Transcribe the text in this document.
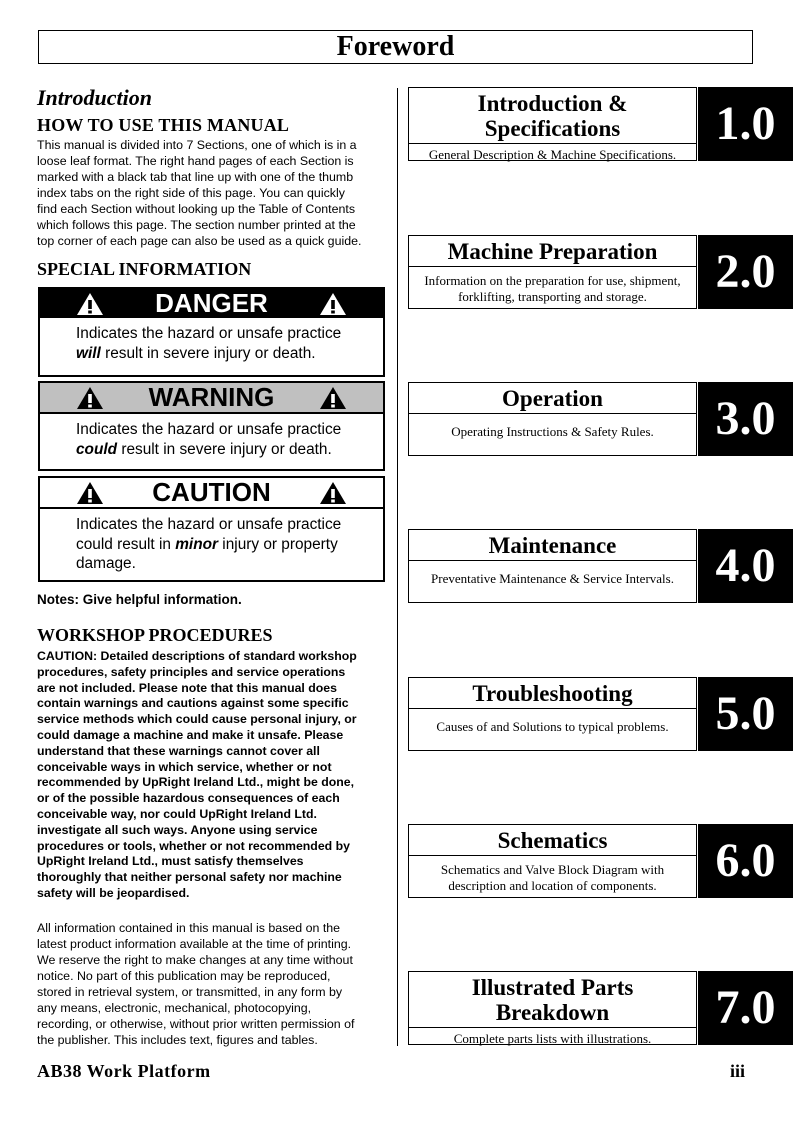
Foreword
Introduction
HOW TO USE THIS MANUAL
This manual is divided into 7 Sections, one of which is in a
loose leaf format. The right hand pages of each Section is
marked with a black tab that line up with one of the thumb
index tabs on the right side of this page. You can quickly
find each Section without looking up the Table of Contents
which follows this page. The section number printed at the
top corner of each page can also be used as a quick guide.
SPECIAL INFORMATION
DANGER
Indicates the hazard or unsafe practice
will result in severe injury or death.
WARNING
Indicates the hazard or unsafe practice
could result in severe injury or death.
CAUTION
Indicates the hazard or unsafe practice
could result in minor injury or property
damage.
Notes: Give helpful information.
WORKSHOP PROCEDURES
CAUTION: Detailed descriptions of standard workshop
procedures, safety principles and service operations
are not included. Please note that this manual does
contain warnings and cautions against some specific
service methods which could cause personal injury, or
could damage a machine and make it unsafe. Please
understand that these warnings cannot cover all
conceivable ways in which service, whether or not
recommended by UpRight Ireland Ltd., might be done,
or of the possible hazardous consequences of each
conceivable way, nor could UpRight Ireland Ltd.
investigate all such ways. Anyone using service
procedures or tools, whether or not recommended by
UpRight Ireland Ltd., must satisfy themselves
thoroughly that neither personal safety nor machine
safety will be jeopardised.
All information contained in this manual is based on the
latest product information available at the time of printing.
We reserve the right to make changes at any time without
notice. No part of this publication may be reproduced,
stored in retrieval system, or transmitted, in any form by
any means, electronic, mechanical, photocopying,
recording, or otherwise, without prior written permission of
the publisher. This includes text, figures and tables.
Introduction &
Specifications
General Description & Machine Specifications.
1.0
Machine Preparation
Information on the preparation for use, shipment,
forklifting, transporting and storage.	2.0
Operation
Operating Instructions & Safety Rules.	3.0
Maintenance
Preventative Maintenance & Service Intervals. 4.0
Troubleshooting
Causes of and Solutions to typical problems. 5.0
Schematics
Schematics and Valve Block Diagram with
description and location of components.	6.0
Illustrated Parts
Breakdown
Complete parts lists with illustrations.
7.0
AB38 Work Platform	iii
